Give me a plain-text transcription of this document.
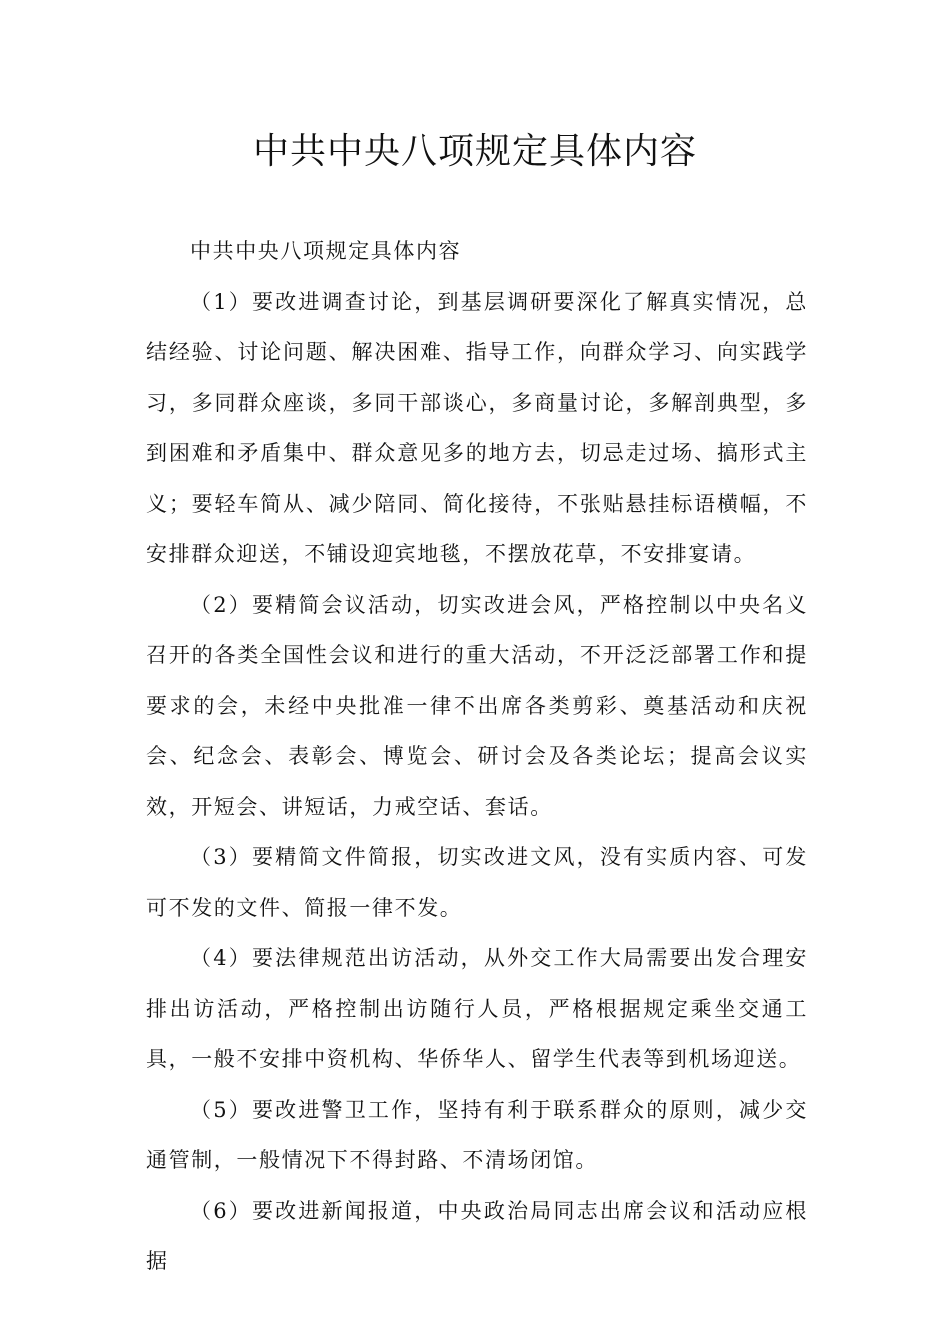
中共中央八项规定具体内容

中共中央八项规定具体内容

（1）要改进调查讨论，到基层调研要深化了解真实情况，总结经验、讨论问题、解决困难、指导工作，向群众学习、向实践学习，多同群众座谈，多同干部谈心，多商量讨论，多解剖典型，多到困难和矛盾集中、群众意见多的地方去，切忌走过场、搞形式主义；要轻车简从、减少陪同、简化接待，不张贴悬挂标语横幅，不安排群众迎送，不铺设迎宾地毯，不摆放花草，不安排宴请。

（2）要精简会议活动，切实改进会风，严格控制以中央名义召开的各类全国性会议和进行的重大活动，不开泛泛部署工作和提要求的会，未经中央批准一律不出席各类剪彩、奠基活动和庆祝会、纪念会、表彰会、博览会、研讨会及各类论坛；提高会议实效，开短会、讲短话，力戒空话、套话。

（3）要精简文件简报，切实改进文风，没有实质内容、可发可不发的文件、简报一律不发。

（4）要法律规范出访活动，从外交工作大局需要出发合理安排出访活动，严格控制出访随行人员，严格根据规定乘坐交通工具，一般不安排中资机构、华侨华人、留学生代表等到机场迎送。

（5）要改进警卫工作，坚持有利于联系群众的原则，减少交通管制，一般情况下不得封路、不清场闭馆。

（6）要改进新闻报道，中央政治局同志出席会议和活动应根据
